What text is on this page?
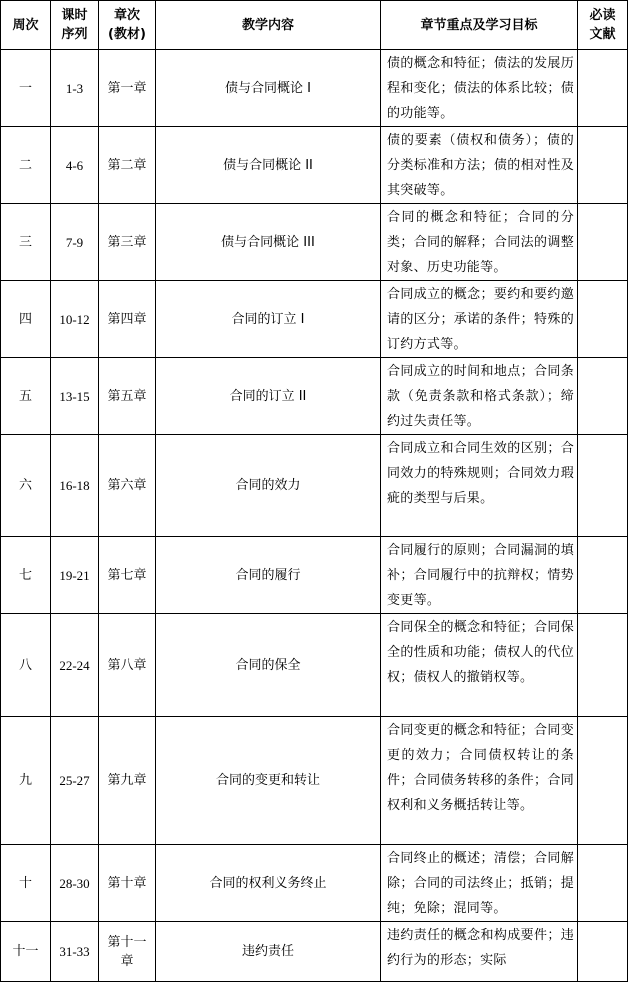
周次	课时序列	章次(教材)	教学内容	章节重点及学习目标	必读文献
一	1-3	第一章	债与合同概论 I	债的概念和特征；债法的发展历程和变化；债法的体系比较；债的功能等。	
二	4-6	第二章	债与合同概论 II	债的要素（债权和债务）；债的分类标准和方法；债的相对性及其突破等。	
三	7-9	第三章	债与合同概论 III	合同的概念和特征；合同的分类；合同的解释；合同法的调整对象、历史功能等。	
四	10-12	第四章	合同的订立 I	合同成立的概念；要约和要约邀请的区分；承诺的条件；特殊的订约方式等。	
五	13-15	第五章	合同的订立 II	合同成立的时间和地点；合同条款（免责条款和格式条款）；缔约过失责任等。	
六	16-18	第六章	合同的效力	合同成立和合同生效的区别；合同效力的特殊规则；合同效力瑕疵的类型与后果。	
七	19-21	第七章	合同的履行	合同履行的原则；合同漏洞的填补；合同履行中的抗辩权；情势变更等。	
八	22-24	第八章	合同的保全	合同保全的概念和特征；合同保全的性质和功能；债权人的代位权；债权人的撤销权等。	
九	25-27	第九章	合同的变更和转让	合同变更的概念和特征；合同变更的效力；合同债权转让的条件；合同债务转移的条件；合同权利和义务概括转让等。	
十	28-30	第十章	合同的权利义务终止	合同终止的概述；清偿；合同解除；合同的司法终止；抵销；提纯；免除；混同等。	
十一	31-33	第十一章	违约责任	违约责任的概念和构成要件；违约行为的形态；实际	
